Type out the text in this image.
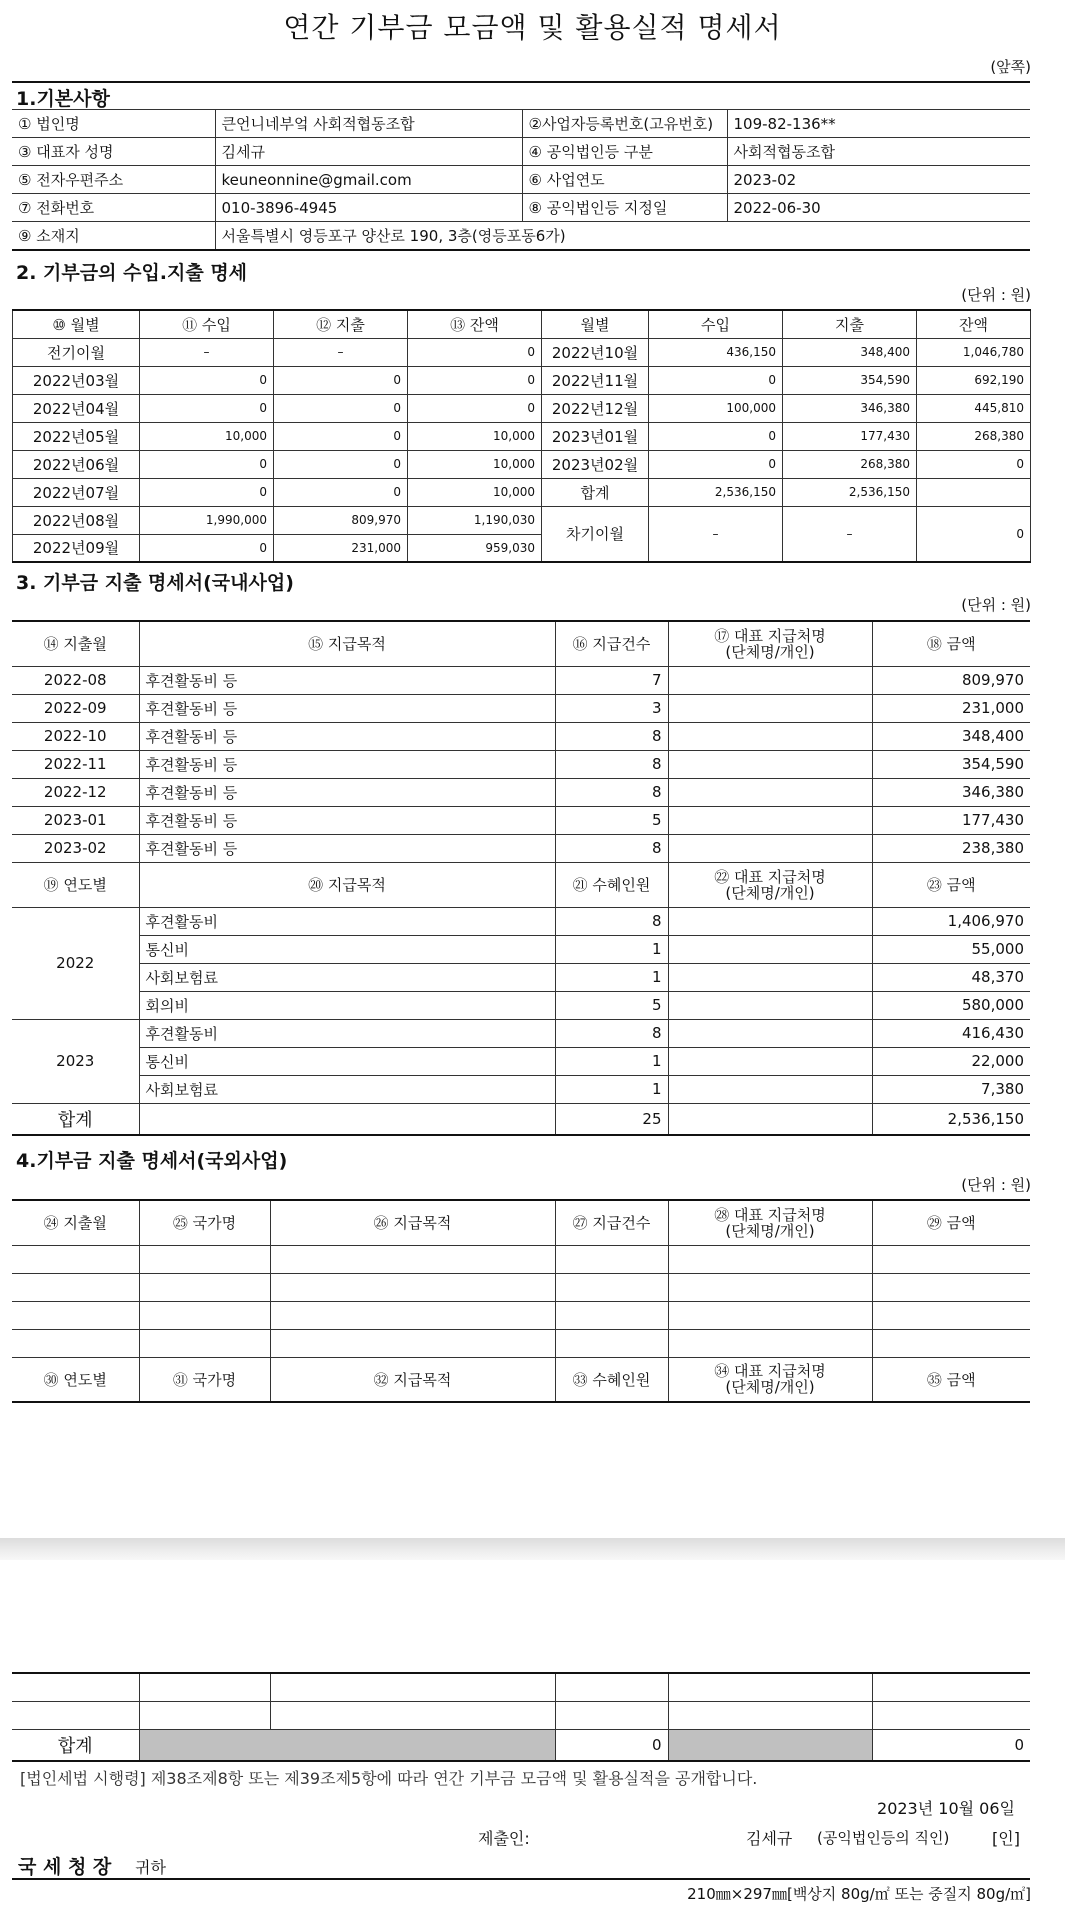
연간 기부금 모금액 및 활용실적 명세서
(앞쪽)
1.기본사항
① 법인명	큰언니네부엌 사회적협동조합	②사업자등록번호(고유번호)	109-82-136**
③ 대표자 성명	김세규	④ 공익법인등 구분	사회적협동조합
⑤ 전자우편주소	keuneonnine@gmail.com	⑥ 사업연도	2023-02
⑦ 전화번호	010-3896-4945	⑧ 공익법인등 지정일	2022-06-30
⑨ 소재지	서울특별시 영등포구 양산로 190, 3층(영등포동6가)		
2. 기부금의 수입.지출 명세
(단위 : 원)
⑩ 월별	⑪ 수입	⑫ 지출	⑬ 잔액	월별	수입	지출	잔액
전기이월	–	–	0	2022년10월	436,150	348,400	1,046,780
2022년03월	0	0	0	2022년11월	0	354,590	692,190
2022년04월	0	0	0	2022년12월	100,000	346,380	445,810
2022년05월	10,000	0	10,000	2023년01월	0	177,430	268,380
2022년06월	0	0	10,000	2023년02월	0	268,380	0
2022년07월	0	0	10,000	합계	2,536,150	2,536,150	
2022년08월	1,990,000	809,970	1,190,030	차기이월	–	–	0
2022년09월	0	231,000	959,030				
3. 기부금 지출 명세서(국내사업)
(단위 : 원)
⑭ 지출월	⑮ 지급목적	⑯ 지급건수	⑰ 대표 지급처명
(단체명/개인)	⑱ 금액
2022-08	후견활동비 등	7		809,970
2022-09	후견활동비 등	3		231,000
2022-10	후견활동비 등	8		348,400
2022-11	후견활동비 등	8		354,590
2022-12	후견활동비 등	8		346,380
2023-01	후견활동비 등	5		177,430
2023-02	후견활동비 등	8		238,380
⑲ 연도별	⑳ 지급목적	㉑ 수혜인원	㉒ 대표 지급처명
(단체명/개인)	㉓ 금액
2022	후견활동비	8		1,406,970
	통신비	1		55,000
	사회보험료	1		48,370
	회의비	5		580,000
2023	후견활동비	8		416,430
	통신비	1		22,000
	사회보험료	1		7,380
합계		25		2,536,150
4.기부금 지출 명세서(국외사업)
(단위 : 원)
㉔ 지출월	㉕ 국가명	㉖ 지급목적	㉗ 지급건수	㉘ 대표 지급처명
(단체명/개인)	㉙ 금액

㉚ 연도별	㉛ 국가명	㉜ 지급목적	㉝ 수혜인원	㉞ 대표 지급처명
(단체명/개인)	㉟ 금액

합계			0		0
[법인세법 시행령] 제38조제8항 또는 제39조제5항에 따라 연간 기부금 모금액 및 활용실적을 공개합니다.
2023년 10월 06일
제출인:	김세규 (공익법인등의 직인)	[인]
국 세 청 장 귀하
210㎜×297㎜[백상지 80g/㎡ 또는 중질지 80g/㎡]
